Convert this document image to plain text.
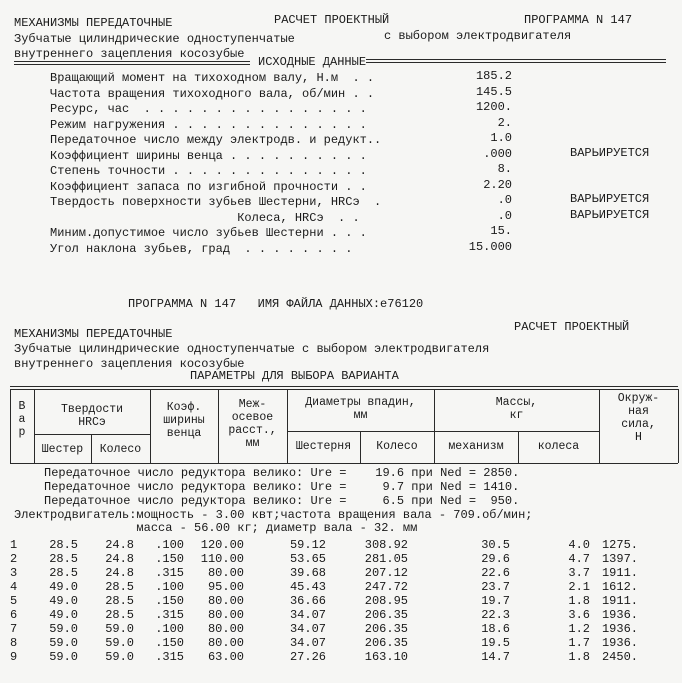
МЕХАНИЗМЫ ПЕРЕДАТОЧНЫЕ	РАСЧЕТ ПРОЕКТНЫЙ	ПРОГРАММА N 147
Зубчатые цилиндрические одноступенчатые	с выбором электродвигателя
внутреннего зацепления косозубые
ИСХОДНЫЕ ДАННЫЕ
Вращающий момент на тихоходном валу, Н.м  . .	185.2
Частота вращения тихоходного вала, об/мин . .	145.5
Ресурс, час  . . . . . . . . . . . . . . . .	1200.
Режим нагружения . . . . . . . . . . . . . .	2.
Передаточное число между электродв. и редукт..	1.0
Коэффициент ширины венца . . . . . . . . . .	.000	ВАРЬИРУЕТСЯ
Степень точности . . . . . . . . . . . . . .	8.
Коэффициент запаса по изгибной прочности . .	2.20
Твердость поверхности зубьев Шестерни, HRCэ  .	.0	ВАРЬИРУЕТСЯ
Колеса, HRCэ  . .	.0	ВАРЬИРУЕТСЯ
Миним.допустимое число зубьев Шестерни . . .	15.
Угол наклона зубьев, град  . . . . . . . .	15.000
ПРОГРАММА N 147   ИМЯ ФАЙЛА ДАННЫХ:е76120
МЕХАНИЗМЫ ПЕРЕДАТОЧНЫЕ	РАСЧЕТ ПРОЕКТНЫЙ
Зубчатые цилиндрические одноступенчатые с выбором электродвигателя
внутреннего зацепления косозубые
ПАРАМЕТРЫ ДЛЯ ВЫБОРА ВАРИАНТА
В
а
р
Твердости
HRCэ
Шестер	Колесо
Коэф.
ширины
венца
Меж-
осевое
расст.,
мм
Диаметры впадин,
мм
Шестерня	Колесо
Массы,
кг
механизм	колеса
Окруж-
ная
сила,
Н
Передаточное число редуктора велико: Ure =    19.6 при Ned = 2850.
Передаточное число редуктора велико: Ure =     9.7 при Ned = 1410.
Передаточное число редуктора велико: Ure =     6.5 при Ned =  950.
Электродвигатель:мощность - 3.00 квт;частота вращения вала - 709.об/мин;
масса - 56.00 кг; диаметр вала - 32. мм
1	28.5	24.8	.100	120.00	59.12	308.92	30.5	4.0	1275.
2	28.5	24.8	.150	110.00	53.65	281.05	29.6	4.7	1397.
3	28.5	24.8	.315	80.00	39.68	207.12	22.6	3.7	1911.
4	49.0	28.5	.100	95.00	45.43	247.72	23.7	2.1	1612.
5	49.0	28.5	.150	80.00	36.66	208.95	19.7	1.8	1911.
6	49.0	28.5	.315	80.00	34.07	206.35	22.3	3.6	1936.
7	59.0	59.0	.100	80.00	34.07	206.35	18.6	1.2	1936.
8	59.0	59.0	.150	80.00	34.07	206.35	19.5	1.7	1936.
9	59.0	59.0	.315	63.00	27.26	163.10	14.7	1.8	2450.
